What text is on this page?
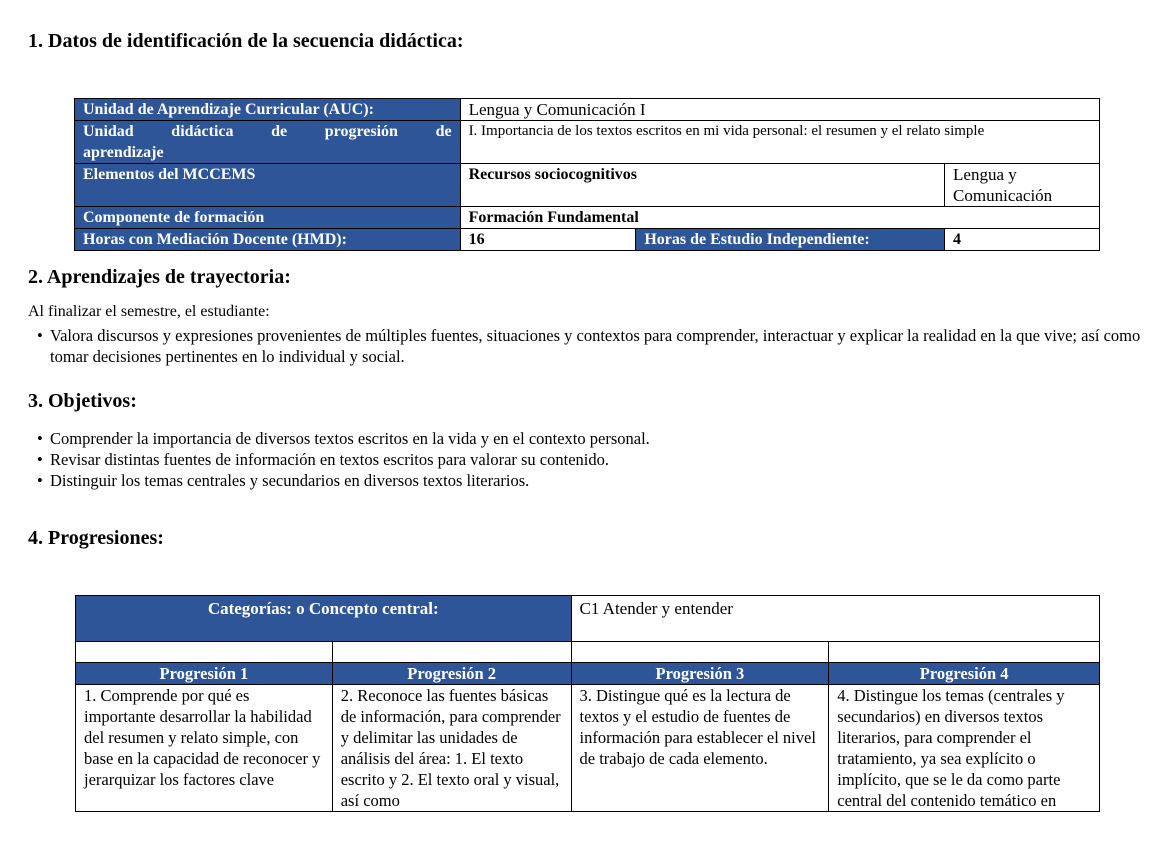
1. Datos de identificación de la secuencia didáctica:
Unidad de Aprendizaje Curricular (AUC):	Lengua y Comunicación I		

Unidad didáctica de progresión de
aprendizaje	I. Importancia de los textos escritos en mi vida personal: el resumen y el relato simple		
Elementos del MCCEMS	Recursos sociocognitivos		Lengua y Comunicación
Componente de formación	Formación Fundamental		
Horas con Mediación Docente (HMD):	16	Horas de Estudio Independiente:	4
2. Aprendizajes de trayectoria:
Al finalizar el semestre, el estudiante:
• Valora discursos y expresiones provenientes de múltiples fuentes, situaciones y contextos para comprender, interactuar y explicar la realidad en la que vive; así como tomar decisiones pertinentes en lo individual y social.
3. Objetivos:
• Comprender la importancia de diversos textos escritos en la vida y en el contexto personal.
• Revisar distintas fuentes de información en textos escritos para valorar su contenido.
• Distinguir los temas centrales y secundarios en diversos textos literarios.
4. Progresiones:
Categorías: o Concepto central:		C1 Atender y entender	

Progresión 1	Progresión 2	Progresión 3	Progresión 4
1. Comprende por qué es importante desarrollar la habilidad del resumen y relato simple, con base en la capacidad de reconocer y jerarquizar los factores clave	2. Reconoce las fuentes básicas de información, para comprender y delimitar las unidades de análisis del área: 1. El texto escrito y 2. El texto oral y visual, así como	3. Distingue qué es la lectura de textos y el estudio de fuentes de información para establecer el nivel de trabajo de cada elemento.	4. Distingue los temas (centrales y secundarios) en diversos textos literarios, para comprender el tratamiento, ya sea explícito o implícito, que se le da como parte central del contenido temático en
